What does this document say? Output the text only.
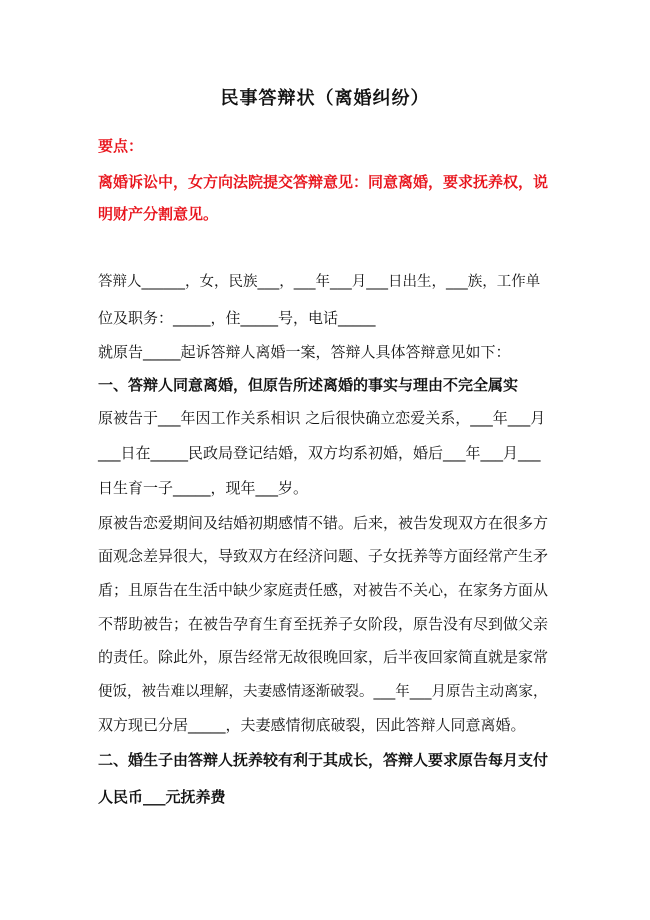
民事答辩状（离婚纠纷）
要点：
离婚诉讼中，女方向法院提交答辩意见：同意离婚，要求抚养权，说
明财产分割意见。
答辩人______，女，民族___，___年___月___日出生，___族，工作单
位及职务：_____，住_____号，电话_____
就原告_____起诉答辩人离婚一案，答辩人具体答辩意见如下：
一、答辩人同意离婚，但原告所述离婚的事实与理由不完全属实
原被告于___年因工作关系相识 之后很快确立恋爱关系，___年___月
___日在_____民政局登记结婚，双方均系初婚，婚后___年___月___
日生育一子_____，现年___岁。
原被告恋爱期间及结婚初期感情不错。后来，被告发现双方在很多方
面观念差异很大，导致双方在经济问题、子女抚养等方面经常产生矛
盾；且原告在生活中缺少家庭责任感，对被告不关心，在家务方面从
不帮助被告；在被告孕育生育至抚养子女阶段，原告没有尽到做父亲
的责任。除此外，原告经常无故很晚回家，后半夜回家简直就是家常
便饭，被告难以理解，夫妻感情逐渐破裂。___年___月原告主动离家，
双方现已分居_____，夫妻感情彻底破裂，因此答辩人同意离婚。
二、婚生子由答辩人抚养较有利于其成长，答辩人要求原告每月支付
人民币___元抚养费
